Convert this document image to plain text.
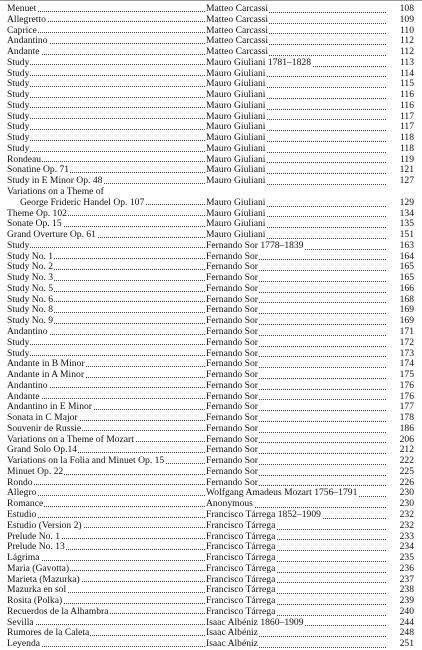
Menuet	Matteo Carcassi	108
Allegretto	Matteo Carcassi	109
Caprice	Matteo Carcassi	110
Andantino	Matteo Carcassi	112
Andante	Matteo Carcassi	112
Study	Mauro Giuliani 1781–1828	113
Study	Mauro Giuliani	114
Study	Mauro Giuliani	115
Study	Mauro Giuliani	116
Study	Mauro Giuliani	116
Study	Mauro Giuliani	117
Study	Mauro Giuliani	117
Study	Mauro Giuliani	118
Study	Mauro Giuliani	118
Rondeau	Mauro Giuliani	119
Sonatine Op. 71	Mauro Giuliani	121
Study in E Minor Op. 48	Mauro Giuliani	127
Variations on a Theme of
George Frideric Handel Op. 107	Mauro Giuliani	129
Theme Op. 102	Mauro Giuliani	134
Sonate Op. 15	Mauro Giuliani	135
Grand Overture Op. 61	Mauro Giuliani	151
Study	Fernando Sor 1778–1839	163
Study No. 1	Fernando Sor	164
Study No. 2	Fernando Sor	165
Study No. 3	Fernando Sor	165
Study No. 5	Fernando Sor	166
Study No. 6	Fernando Sor	168
Study No. 8	Fernando Sor	169
Study No. 9	Fernando Sor	169
Andantino	Fernando Sor	171
Study	Fernando Sor	172
Study	Fernando Sor	173
Andante in B Minor	Fernando Sor	174
Andante in A Minor	Fernando Sor	175
Andantino	Fernando Sor	176
Andante	Fernando Sor	176
Andantino in E Minor	Fernando Sor	177
Sonata in C Major	Fernando Sor	178
Souvenir de Russie	Fernando Sor	186
Variations on a Theme of Mozart	Fernando Sor	206
Grand Solo Op.14	Fernando Sor	212
Variations on la Folia and Minuet Op. 15	Fernando Sor	222
Minuet Op. 22	Fernando Sor	225
Rondo	Fernando Sor	226
Allegro	Wolfgang Amadeus Mozart 1756–1791	230
Romance	Anonymous	230
Estudio	Francisco Tárrega 1852–1909	232
Estudio (Version 2)	Francisco Tárrega	232
Prelude No. 1	Francisco Tárrega	233
Prelude No. 13	Francisco Tárrega	234
Lágrima	Francisco Tárrega	235
Maria (Gavotta)	Francisco Tárrega	236
Marieta (Mazurka)	Francisco Tárrega	237
Mazurka en sol	Francisco Tárrega	238
Rosita (Polka)	Francisco Tárrega	239
Recuerdos de la Alhambra	Francisco Tárrega	240
Sevilla	Isaac Albéniz 1860–1909	244
Rumores de la Caleta	Isaac Albéniz	248
Leyenda	Isaac Albéniz	251
